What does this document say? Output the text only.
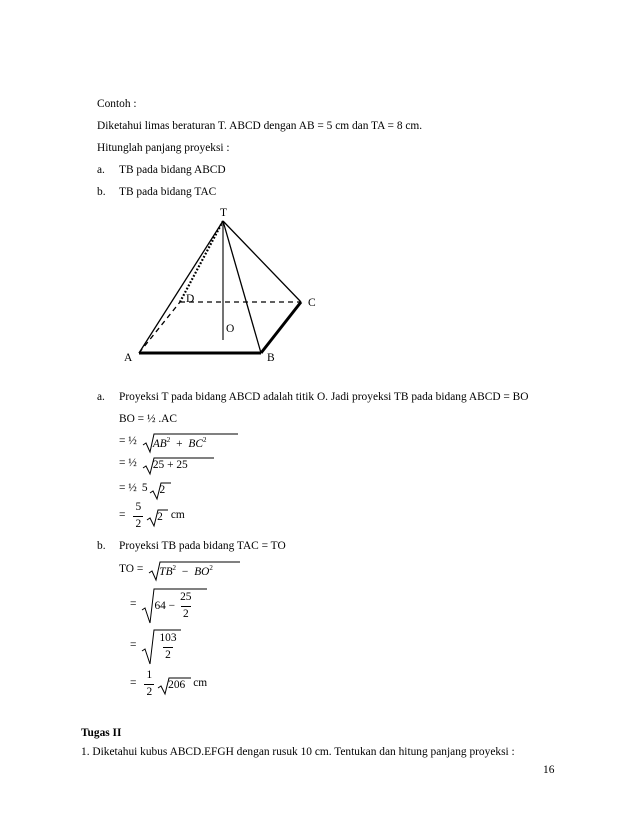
Contoh :
Diketahui limas beraturan T. ABCD dengan AB = 5 cm dan TA = 8 cm.
Hitunglah panjang proyeksi :
a. TB pada bidang ABCD
b. TB pada bidang TAC
T
D	C
O
A	B
a. Proyeksi T pada bidang ABCD adalah titik O. Jadi proyeksi TB pada bidang ABCD = BO
BO = ½ .AC
= ½	$AB^2 + BC^2$
= ½	25 + 25
= ½ 5	2
= $\frac{5}{2}$	2 cm
b. Proyeksi TB pada bidang TAC = TO
TO =	$TB^2 - BO^2$
= $64 - \frac{25}{2}$
= $\frac{103}{2}$
= $\frac{1}{2}$	206 cm
Tugas II
1. Diketahui kubus ABCD.EFGH dengan rusuk 10 cm. Tentukan dan hitung panjang proyeksi :
16
